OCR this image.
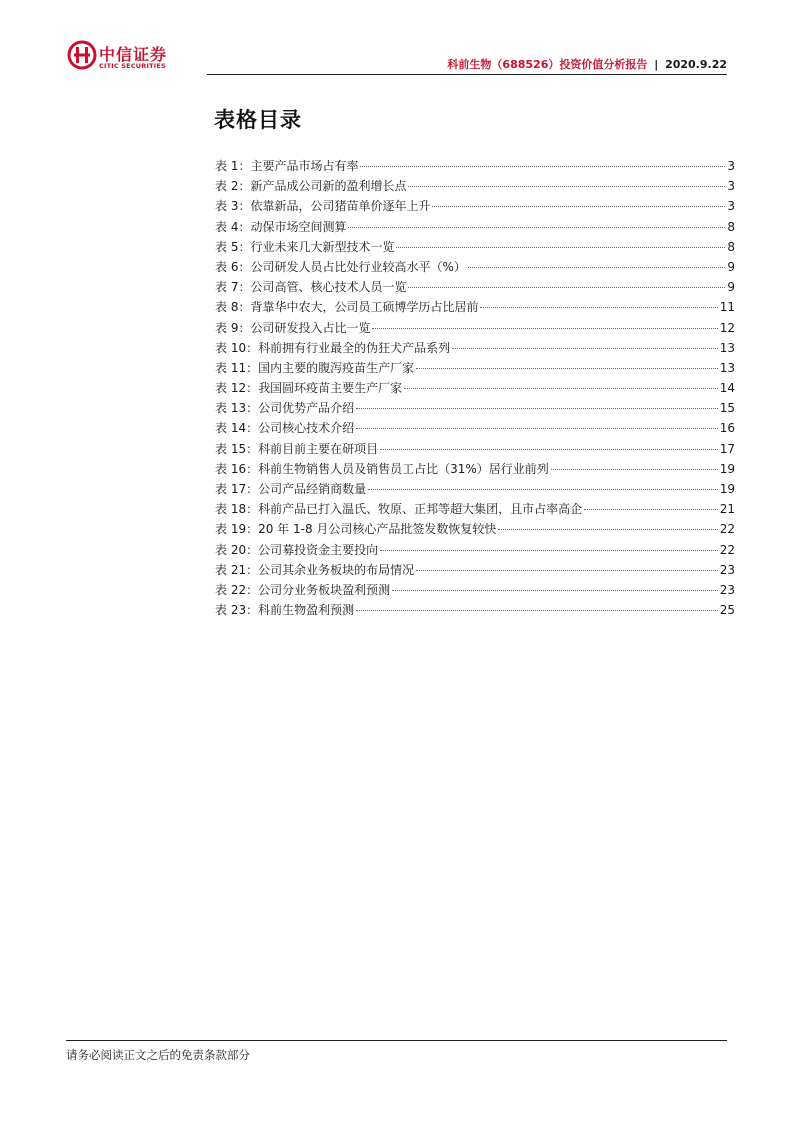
中信证券
CITIC SECURITIES	科前生物（688526）投资价值分析报告 | 2020.9.22
表格目录
表 1：主要产品市场占有率	3
表 2：新产品成公司新的盈利增长点	3
表 3：依靠新品，公司猪苗单价逐年上升	3
表 4：动保市场空间测算	8
表 5：行业未来几大新型技术一览	8
表 6：公司研发人员占比处行业较高水平（%）	9
表 7：公司高管、核心技术人员一览	9
表 8：背靠华中农大，公司员工硕博学历占比居前	11
表 9：公司研发投入占比一览	12
表 10：科前拥有行业最全的伪狂犬产品系列	13
表 11：国内主要的腹泻疫苗生产厂家	13
表 12：我国圆环疫苗主要生产厂家	14
表 13：公司优势产品介绍	15
表 14：公司核心技术介绍	16
表 15：科前目前主要在研项目	17
表 16：科前生物销售人员及销售员工占比（31%）居行业前列	19
表 17：公司产品经销商数量	19
表 18：科前产品已打入温氏、牧原、正邦等超大集团，且市占率高企	21
表 19：20 年 1-8 月公司核心产品批签发数恢复较快	22
表 20：公司募投资金主要投向	22
表 21：公司其余业务板块的布局情况	23
表 22：公司分业务板块盈利预测	23
表 23：科前生物盈利预测	25
请务必阅读正文之后的免责条款部分
